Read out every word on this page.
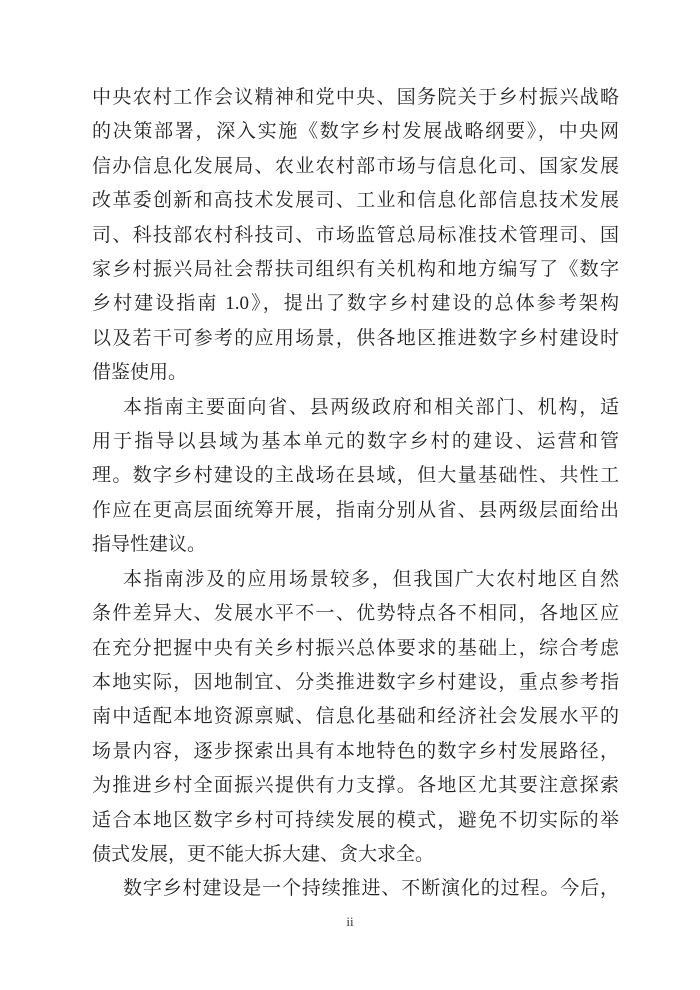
中央农村工作会议精神和党中央、国务院关于乡村振兴战略
的决策部署，深入实施《数字乡村发展战略纲要》，中央网
信办信息化发展局、农业农村部市场与信息化司、国家发展
改革委创新和高技术发展司、工业和信息化部信息技术发展
司、科技部农村科技司、市场监管总局标准技术管理司、国
家乡村振兴局社会帮扶司组织有关机构和地方编写了《数字
乡村建设指南 1.0》，提出了数字乡村建设的总体参考架构
以及若干可参考的应用场景，供各地区推进数字乡村建设时
借鉴使用。
本指南主要面向省、县两级政府和相关部门、机构，适
用于指导以县域为基本单元的数字乡村的建设、运营和管
理。数字乡村建设的主战场在县域，但大量基础性、共性工
作应在更高层面统筹开展，指南分别从省、县两级层面给出
指导性建议。
本指南涉及的应用场景较多，但我国广大农村地区自然
条件差异大、发展水平不一、优势特点各不相同，各地区应
在充分把握中央有关乡村振兴总体要求的基础上，综合考虑
本地实际，因地制宜、分类推进数字乡村建设，重点参考指
南中适配本地资源禀赋、信息化基础和经济社会发展水平的
场景内容，逐步探索出具有本地特色的数字乡村发展路径，
为推进乡村全面振兴提供有力支撑。各地区尤其要注意探索
适合本地区数字乡村可持续发展的模式，避免不切实际的举
债式发展，更不能大拆大建、贪大求全。
数字乡村建设是一个持续推进、不断演化的过程。今后，
ii
